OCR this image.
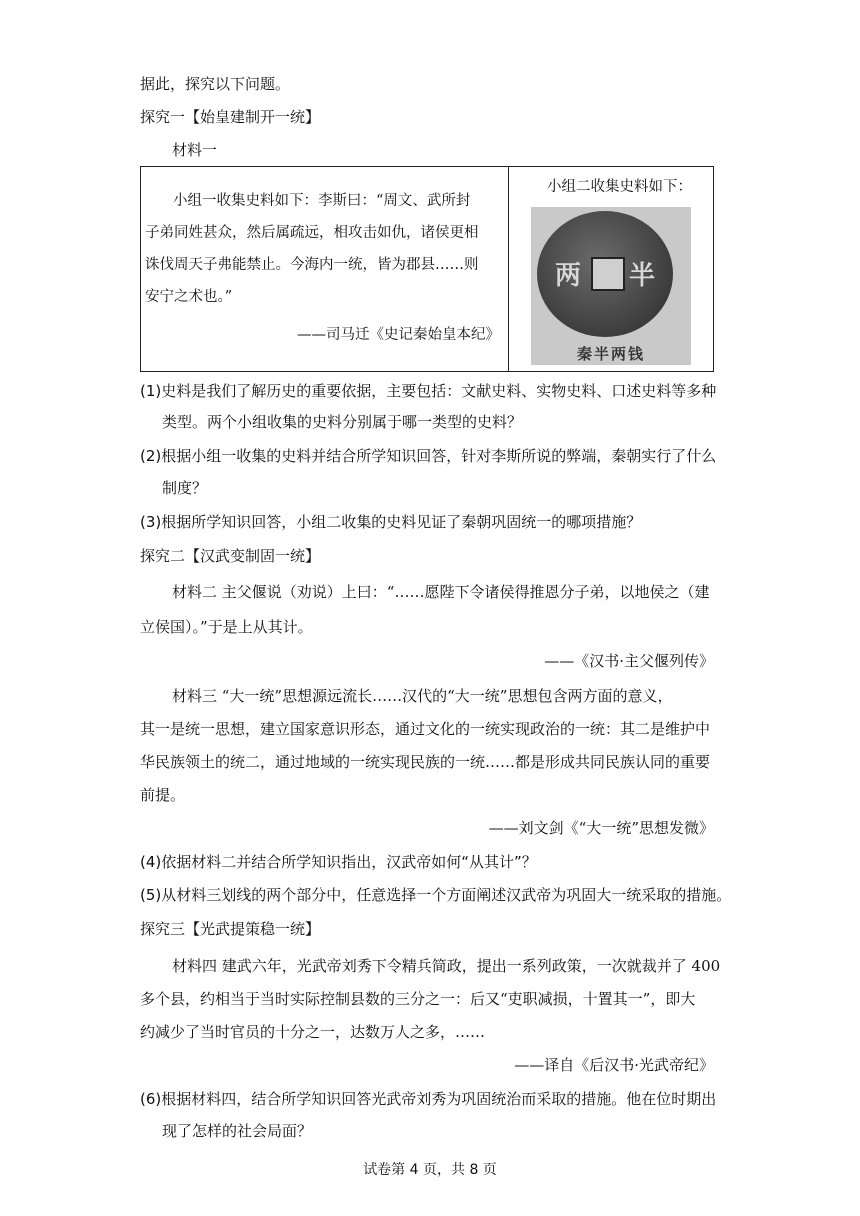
据此，探究以下问题。
探究一【始皇建制开一统】
材料一
小组一收集史料如下：李斯曰：“周文、武所封
子弟同姓甚众，然后属疏远，相攻击如仇，诸侯更相
诛伐周天子弗能禁止。今海内一统，皆为郡县……则
安宁之术也。”
——司马迁《史记秦始皇本纪》
小组二收集史料如下：
两 半
秦半两钱
(1)史料是我们了解历史的重要依据，主要包括：文献史料、实物史料、口述史料等多种
类型。两个小组收集的史料分别属于哪一类型的史料？
(2)根据小组一收集的史料并结合所学知识回答，针对李斯所说的弊端，秦朝实行了什么
制度？
(3)根据所学知识回答，小组二收集的史料见证了秦朝巩固统一的哪项措施？
探究二【汉武变制固一统】
材料二 主父偃说（劝说）上曰：“……愿陛下令诸侯得推恩分子弟，以地侯之（建
立侯国）。”于是上从其计。
——《汉书·主父偃列传》
材料三 “大一统”思想源远流长……汉代的“大一统”思想包含两方面的意义，
其一是统一思想，建立国家意识形态，通过文化的一统实现政治的一统：其二是维护中
华民族领土的统二，通过地域的一统实现民族的一统……都是形成共同民族认同的重要
前提。
——刘文剑《“大一统”思想发微》
(4)依据材料二并结合所学知识指出，汉武帝如何“从其计”？
(5)从材料三划线的两个部分中，任意选择一个方面阐述汉武帝为巩固大一统采取的措施。
探究三【光武提策稳一统】
材料四 建武六年，光武帝刘秀下令精兵简政，提出一系列政策，一次就裁并了 400
多个县，约相当于当时实际控制县数的三分之一：后又“吏职减损，十置其一”，即大
约减少了当时官员的十分之一，达数万人之多，……
——译自《后汉书·光武帝纪》
(6)根据材料四，结合所学知识回答光武帝刘秀为巩固统治而采取的措施。他在位时期出
现了怎样的社会局面？
试卷第 4 页，共 8 页
